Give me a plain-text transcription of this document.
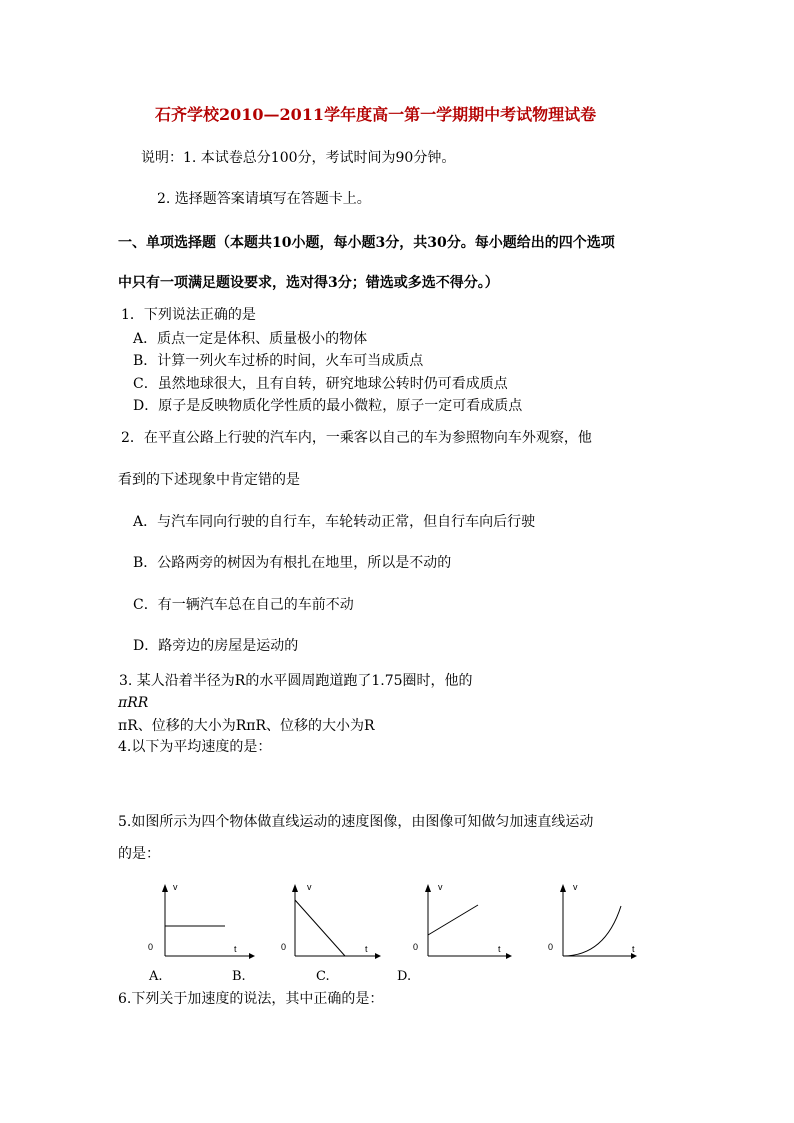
石齐学校2010—2011学年度高一第一学期期中考试物理试卷
说明：1. 本试卷总分100分，考试时间为90分钟。
2. 选择题答案请填写在答题卡上。
一、单项选择题（本题共10小题，每小题3分，共30分。每小题给出的四个选项
中只有一项满足题设要求，选对得3分；错选或多选不得分。）
1．下列说法正确的是
A．质点一定是体积、质量极小的物体
B．计算一列火车过桥的时间，火车可当成质点
C．虽然地球很大，且有自转，研究地球公转时仍可看成质点
D．原子是反映物质化学性质的最小微粒，原子一定可看成质点
2．在平直公路上行驶的汽车内，一乘客以自己的车为参照物向车外观察，他
看到的下述现象中肯定错的是
A．与汽车同向行驶的自行车，车轮转动正常，但自行车向后行驶
B．公路两旁的树因为有根扎在地里，所以是不动的
C．有一辆汽车总在自己的车前不动
D．路旁边的房屋是运动的
3. 某人沿着半径为R的水平圆周跑道跑了1.75圈时，他的
πRR
πR、位移的大小为RπR、位移的大小为R
4.以下为平均速度的是：
5.如图所示为四个物体做直线运动的速度图像，由图像可知做匀加速直线运动
的是：
v
0	t
v
0	t
v
0	t
v
0	t
A.	B.	C.	D.
6.下列关于加速度的说法，其中正确的是：
